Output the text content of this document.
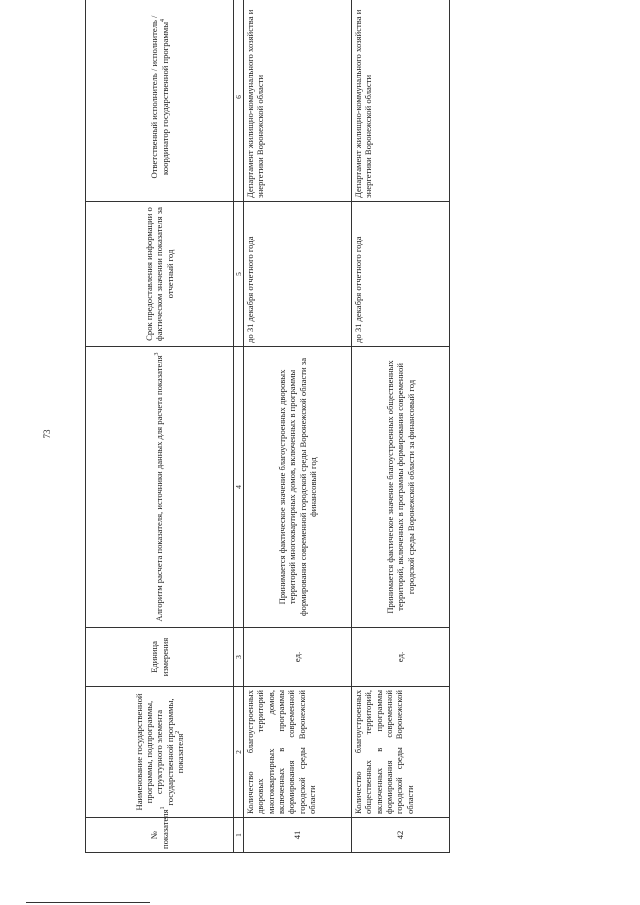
73
№ показателя$^1$	Наименование государственной программы, подпрограммы, структурного элемента государственной программы, показателя$^2$	Единица измерения	Алгоритм расчета показателя, источники данных для расчета показателя$^3$	Срок предоставления информации о фактическом значении показателя за отчетный год	Ответственный исполнитель / исполнитель / координатор государственной программы$^4$
1	2	3	4	5	6
41	Количество благоустроенных дворовых территорий многоквартирных домов, включенных в программы формирования современной городской среды Воронежской области	ед.	Принимается фактическое значение благоустроенных дворовых территорий многоквартирных домов, включенных в программы формирования современной городской среды Воронежской области за финансовый год	до 31 декабря отчетного года	Департамент жилищно-коммунального хозяйства и энергетики Воронежской области
42	Количество благоустроенных общественных территорий, включенных в программы формирования современной городской среды Воронежской области	ед.	Принимается фактическое значение благоустроенных общественных территорий, включенных в программы формирования современной городской среды Воронежской области за финансовый год	до 31 декабря отчетного года	Департамент жилищно-коммунального хозяйства и энергетики Воронежской области
